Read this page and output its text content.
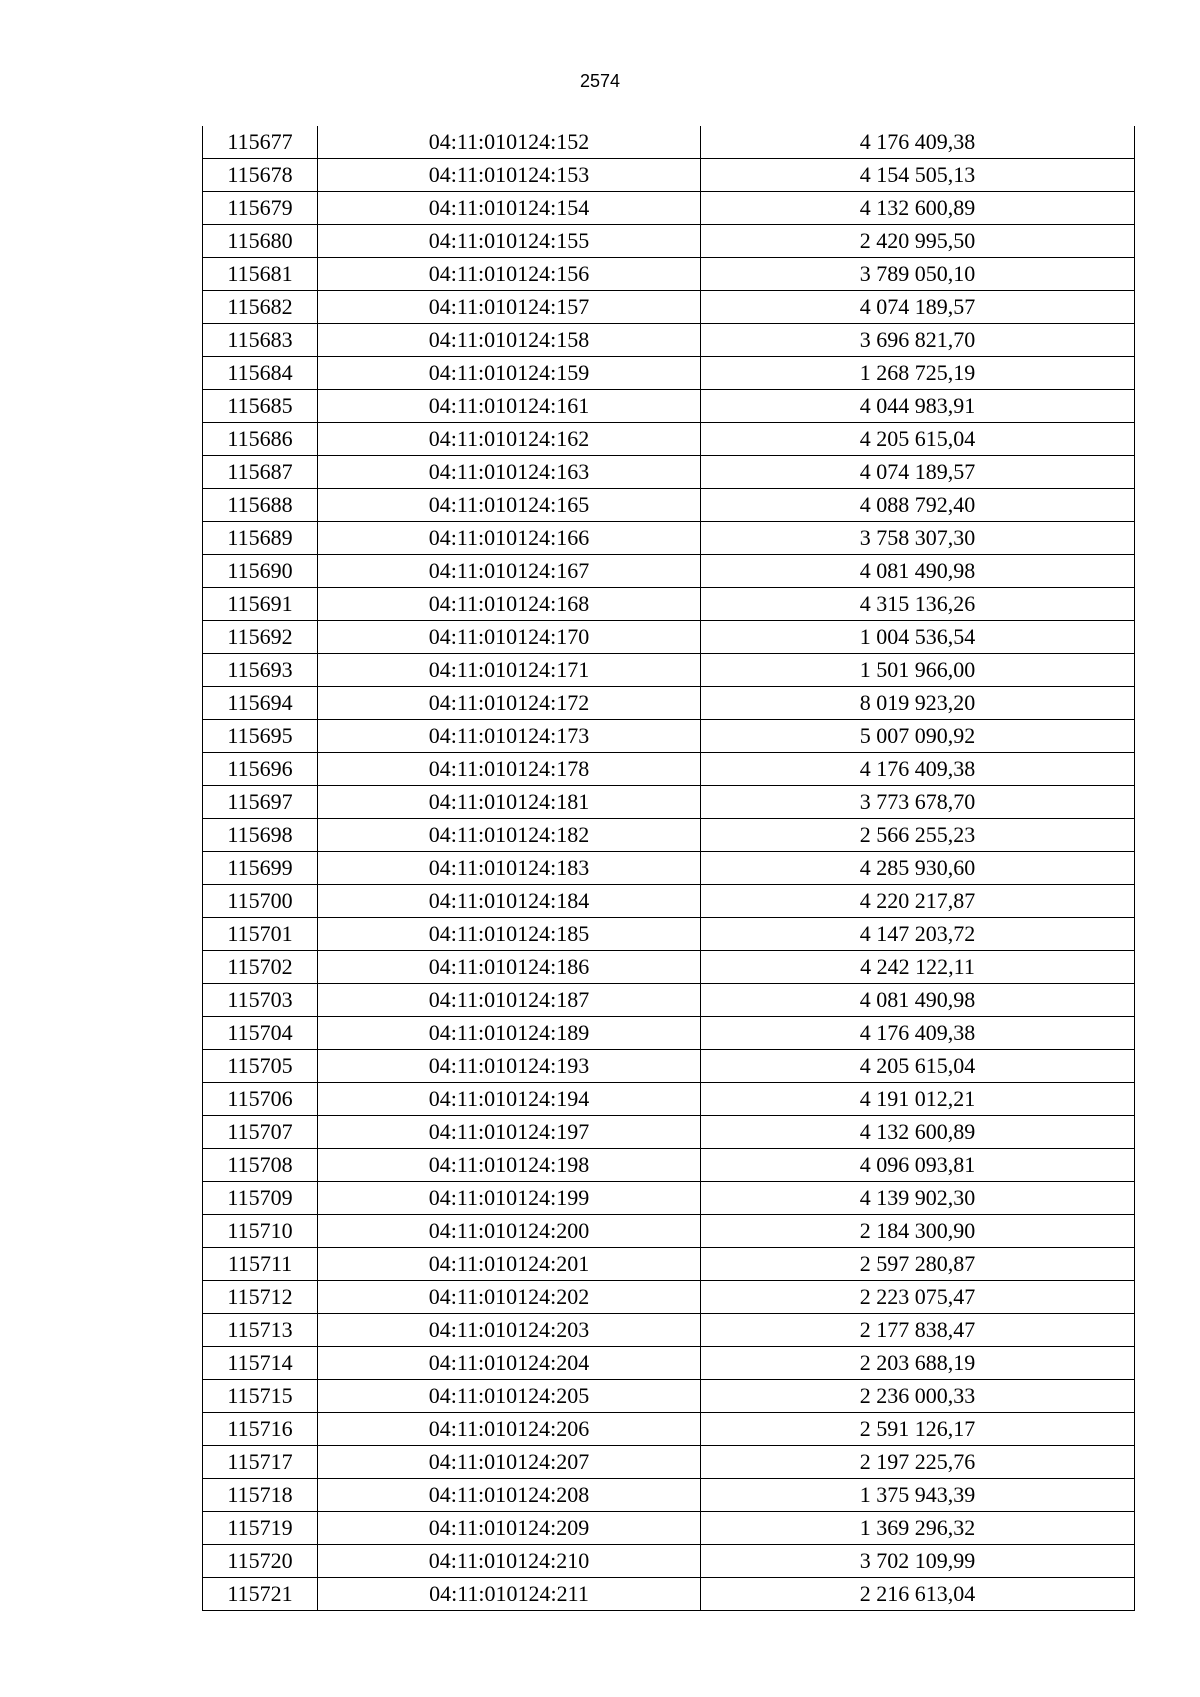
2574
115677	04:11:010124:152	4 176 409,38
115678	04:11:010124:153	4 154 505,13
115679	04:11:010124:154	4 132 600,89
115680	04:11:010124:155	2 420 995,50
115681	04:11:010124:156	3 789 050,10
115682	04:11:010124:157	4 074 189,57
115683	04:11:010124:158	3 696 821,70
115684	04:11:010124:159	1 268 725,19
115685	04:11:010124:161	4 044 983,91
115686	04:11:010124:162	4 205 615,04
115687	04:11:010124:163	4 074 189,57
115688	04:11:010124:165	4 088 792,40
115689	04:11:010124:166	3 758 307,30
115690	04:11:010124:167	4 081 490,98
115691	04:11:010124:168	4 315 136,26
115692	04:11:010124:170	1 004 536,54
115693	04:11:010124:171	1 501 966,00
115694	04:11:010124:172	8 019 923,20
115695	04:11:010124:173	5 007 090,92
115696	04:11:010124:178	4 176 409,38
115697	04:11:010124:181	3 773 678,70
115698	04:11:010124:182	2 566 255,23
115699	04:11:010124:183	4 285 930,60
115700	04:11:010124:184	4 220 217,87
115701	04:11:010124:185	4 147 203,72
115702	04:11:010124:186	4 242 122,11
115703	04:11:010124:187	4 081 490,98
115704	04:11:010124:189	4 176 409,38
115705	04:11:010124:193	4 205 615,04
115706	04:11:010124:194	4 191 012,21
115707	04:11:010124:197	4 132 600,89
115708	04:11:010124:198	4 096 093,81
115709	04:11:010124:199	4 139 902,30
115710	04:11:010124:200	2 184 300,90
115711	04:11:010124:201	2 597 280,87
115712	04:11:010124:202	2 223 075,47
115713	04:11:010124:203	2 177 838,47
115714	04:11:010124:204	2 203 688,19
115715	04:11:010124:205	2 236 000,33
115716	04:11:010124:206	2 591 126,17
115717	04:11:010124:207	2 197 225,76
115718	04:11:010124:208	1 375 943,39
115719	04:11:010124:209	1 369 296,32
115720	04:11:010124:210	3 702 109,99
115721	04:11:010124:211	2 216 613,04
